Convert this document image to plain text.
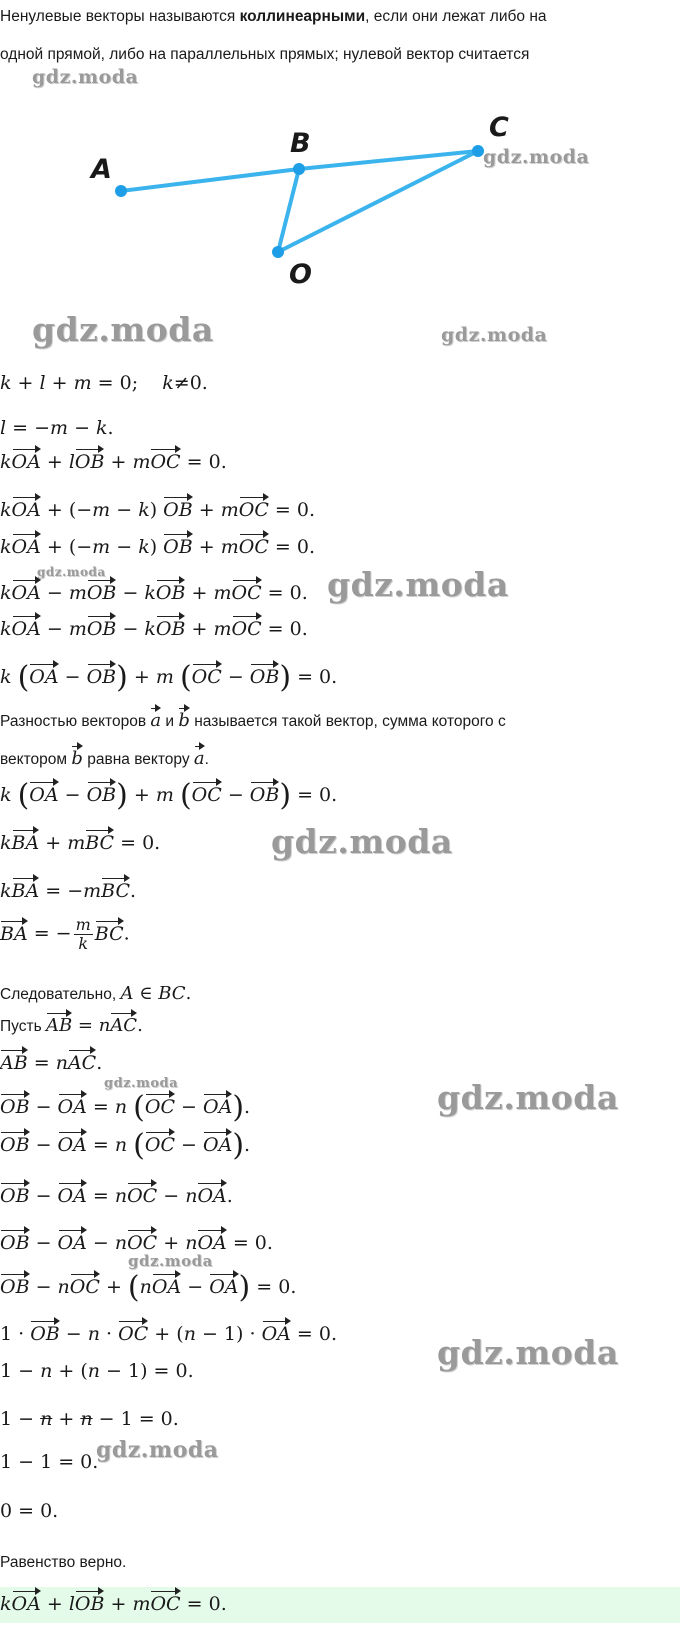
Ненулевые векторы называются коллинеарными, если они лежат либо на
одной прямой, либо на параллельных прямых; нулевой вектор считается
A
B
C
O
gdz.moda
gdz.moda
gdz.moda	gdz.moda
gdz.moda	gdz.moda
gdz.moda
gdz.moda	gdz.moda
gdz.moda
gdz.moda
gdz.moda
k + l + m = 0;    k≠0.
l = −m − k.
kOA + lOB + mOC = 0.
kOA + (−m − k) OB + mOC = 0.
kOA + (−m − k) OB + mOC = 0.
kOA − mOB − kOB + mOC = 0.
kOA − mOB − kOB + mOC = 0.
k (OA − OB) + m (OC − OB) = 0.
Разностью векторов a и b называется такой вектор, сумма которого с
вектором b равна вектору a.
k (OA − OB) + m (OC − OB) = 0.
kBA + mBC = 0.
kBA = −mBC.
BA = − $\frac{m}{k}$ BC.
Следовательно, A ∈ BC.
Пусть AB = nAC.
AB = nAC.
OB − OA = n (OC − OA).
OB − OA = n (OC − OA).
OB − OA = nOC − nOA.
OB − OA − nOC + nOA = 0.
OB − nOC + (nOA − OA) = 0.
1 · OB − n · OC + (n − 1) · OA = 0.
1 − n + (n − 1) = 0.
1 − n + n − 1 = 0.
1 − 1 = 0.
0 = 0.
Равенство верно.
kOA + lOB + mOC = 0.
